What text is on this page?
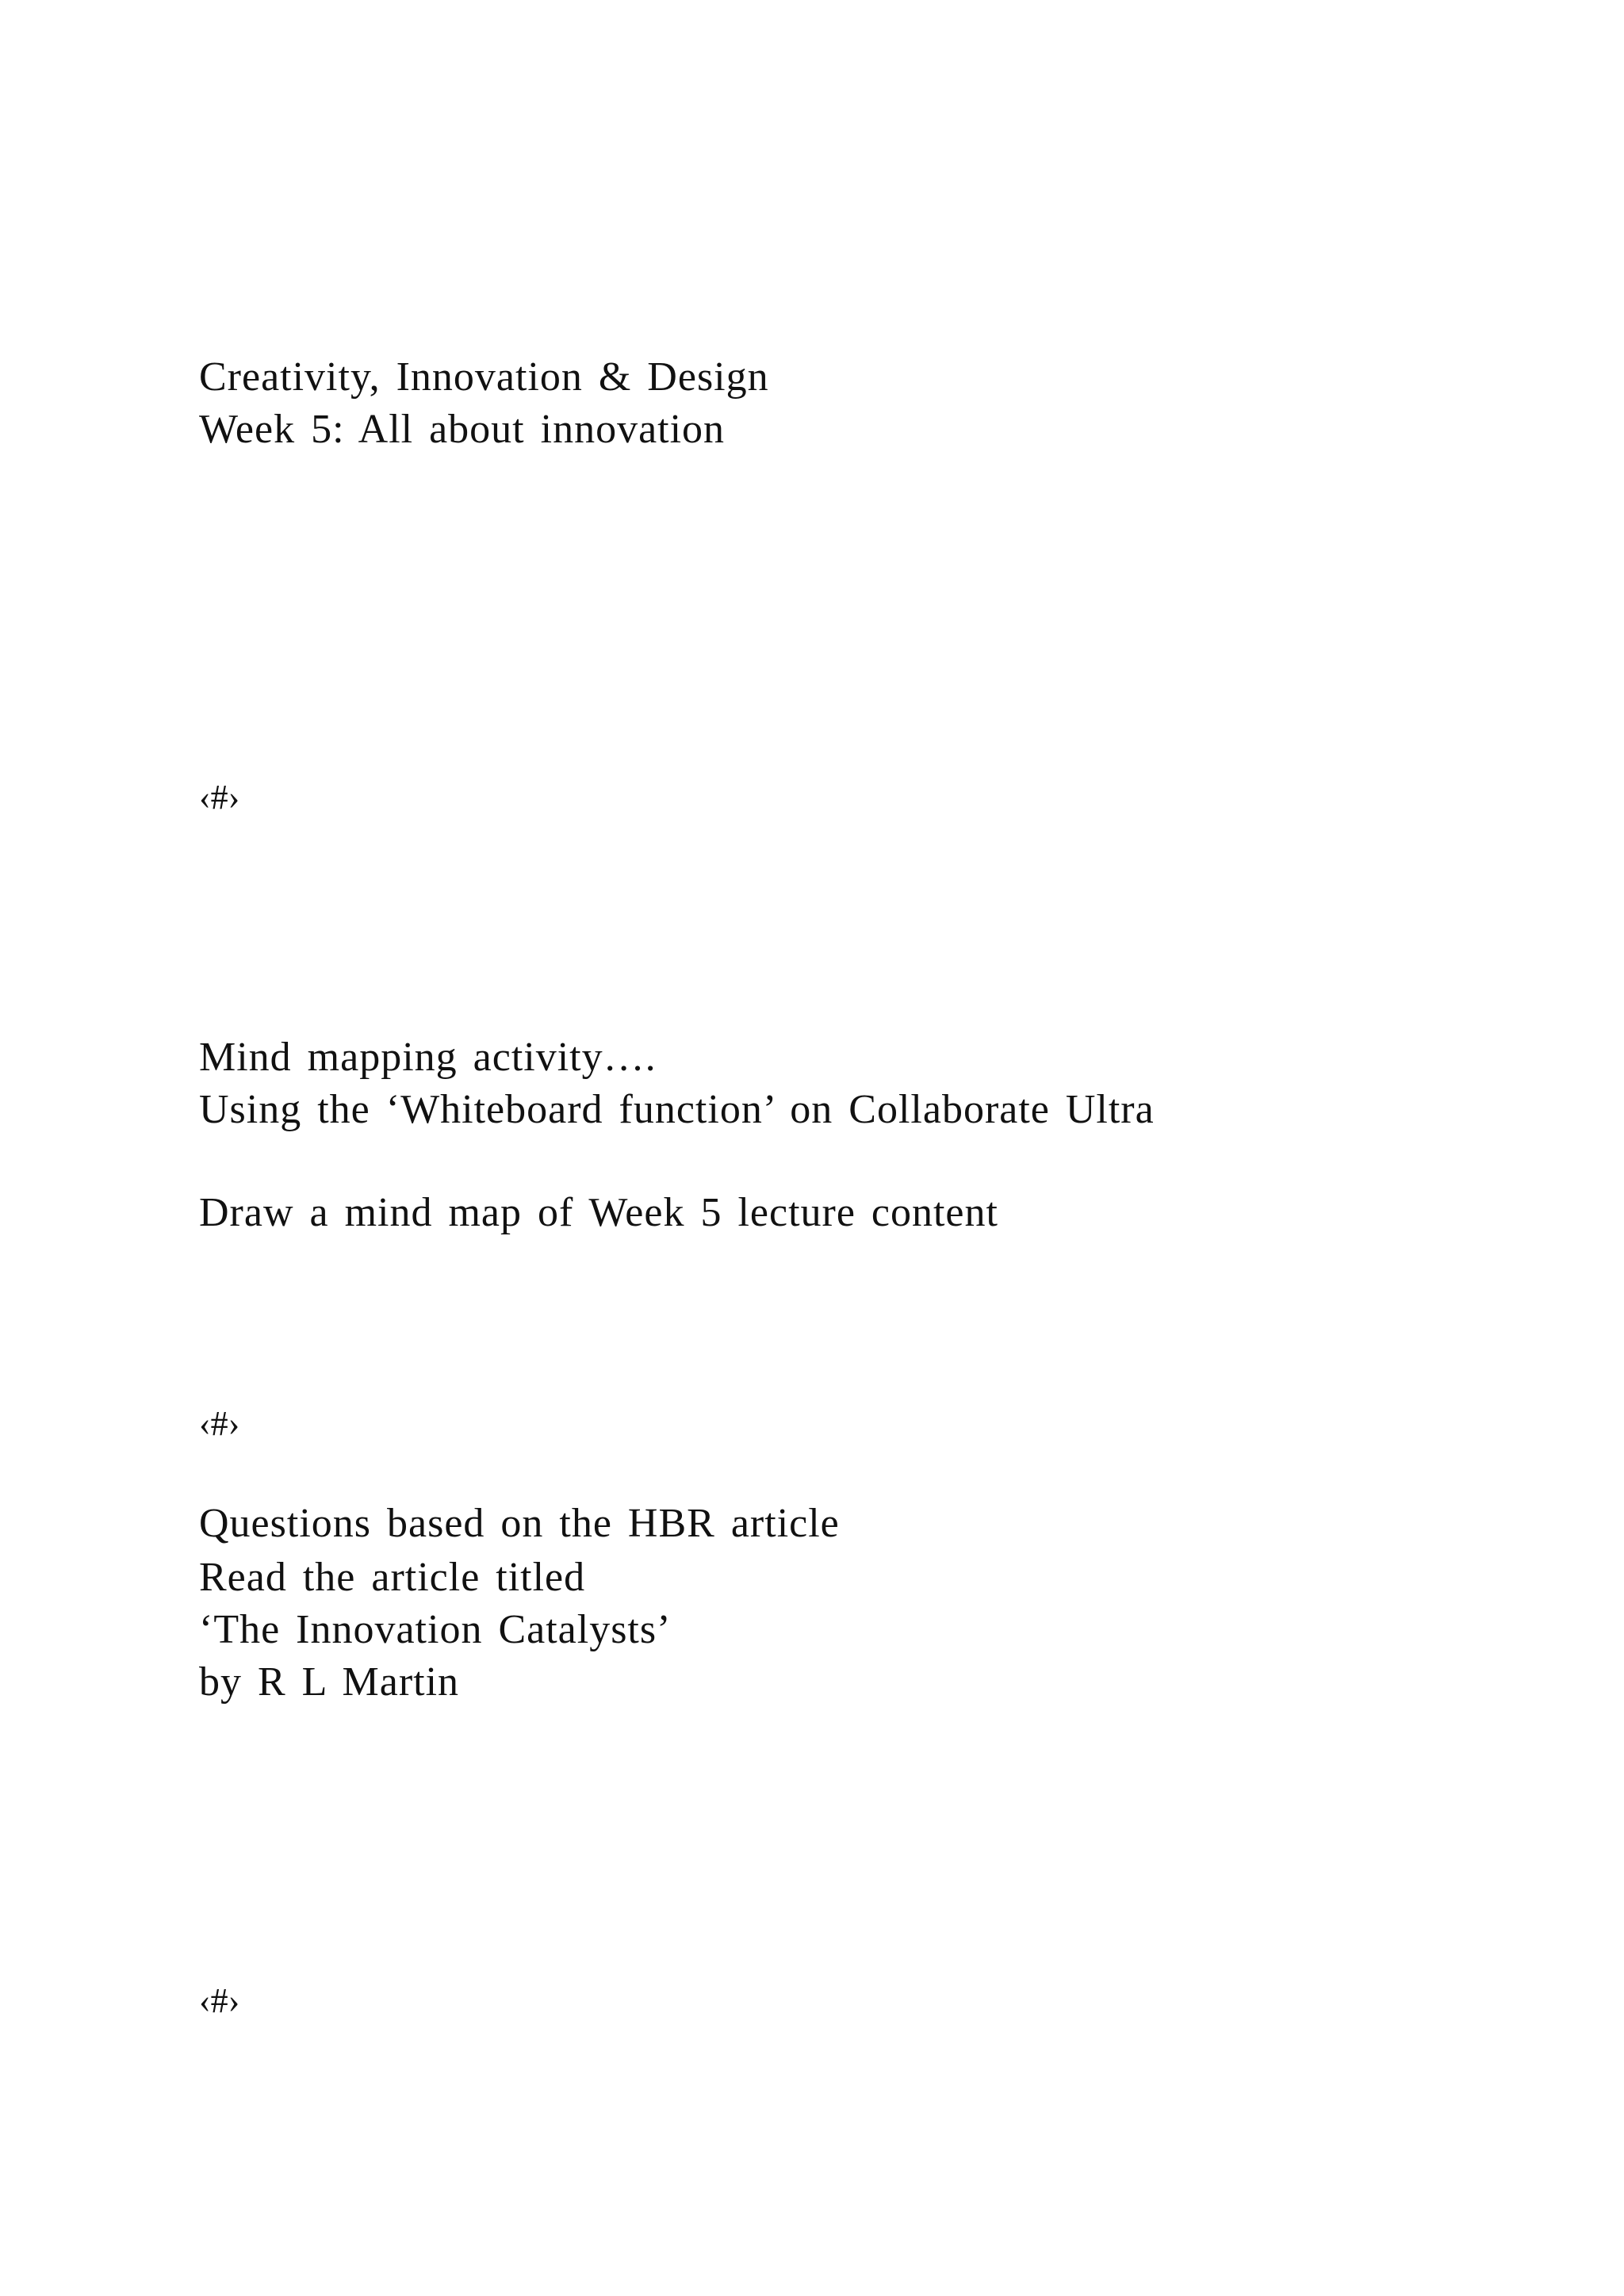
Creativity, Innovation & Design

Week 5: All about innovation

‹#›

Mind mapping activity….

Using the ‘Whiteboard function’ on Collaborate Ultra

Draw a mind map of Week 5 lecture content

‹#›

Questions based on the HBR article

Read the article titled

‘The Innovation Catalysts’

by R L Martin

‹#›
